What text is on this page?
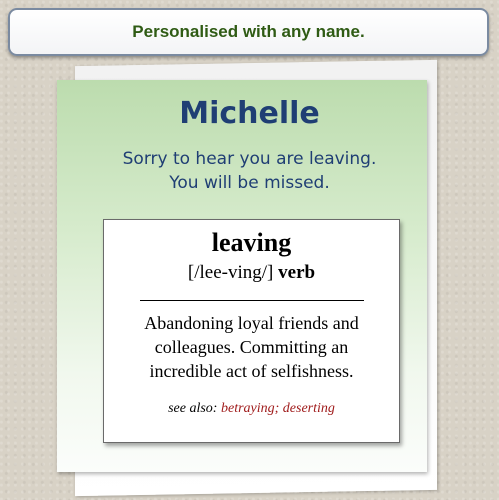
Personalised with any name.
Michelle
Sorry to hear you are leaving.
You will be missed.
leaving
[/lee-ving/] verb
Abandoning loyal friends and
colleagues. Committing an
incredible act of selfishness.
see also: betraying; deserting
